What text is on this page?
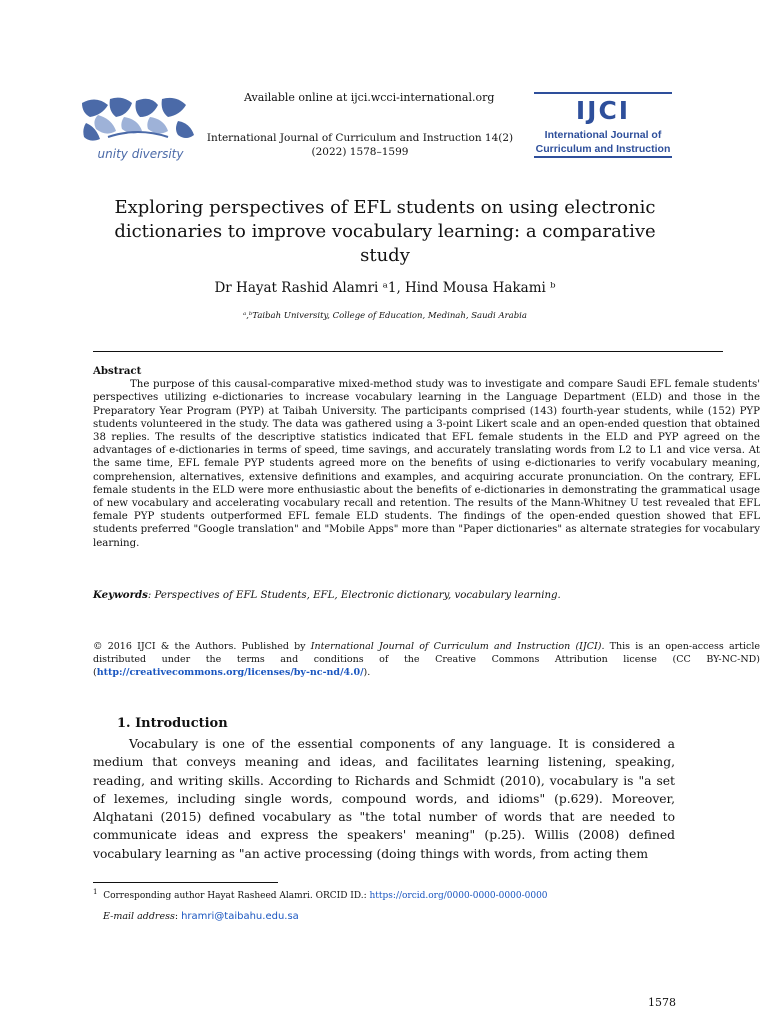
unity diversity
IJCI
International Journal of
Curriculum and Instruction
Available online at ijci.wcci-international.org
International Journal of Curriculum and Instruction 14(2) (2022) 1578–1599
Exploring perspectives of EFL students on using electronic dictionaries to improve vocabulary learning: a comparative study
Dr Hayat Rashid Alamri ᵃ1, Hind Mousa Hakami ᵇ
ᵃ,ᵇTaibah University, College of Education, Medinah, Saudi Arabia
Abstract
The purpose of this causal-comparative mixed-method study was to investigate and compare Saudi EFL female students' perspectives utilizing e-dictionaries to increase vocabulary learning in the Language Department (ELD) and those in the Preparatory Year Program (PYP) at Taibah University. The participants comprised (143) fourth-year students, while (152) PYP students volunteered in the study. The data was gathered using a 3-point Likert scale and an open-ended question that obtained 38 replies. The results of the descriptive statistics indicated that EFL female students in the ELD and PYP agreed on the advantages of e-dictionaries in terms of speed, time savings, and accurately translating words from L2 to L1 and vice versa. At the same time, EFL female PYP students agreed more on the benefits of using e-dictionaries to verify vocabulary meaning, comprehension, alternatives, extensive definitions and examples, and acquiring accurate pronunciation. On the contrary, EFL female students in the ELD were more enthusiastic about the benefits of e-dictionaries in demonstrating the grammatical usage of new vocabulary and accelerating vocabulary recall and retention. The results of the Mann-Whitney U test revealed that EFL female PYP students outperformed EFL female ELD students. The findings of the open-ended question showed that EFL students preferred "Google translation" and "Mobile Apps" more than "Paper dictionaries" as alternate strategies for vocabulary learning.
Keywords: Perspectives of EFL Students, EFL, Electronic dictionary, vocabulary learning.
© 2016 IJCI & the Authors. Published by International Journal of Curriculum and Instruction (IJCI). This is an open-access article distributed under the terms and conditions of the Creative Commons Attribution license (CC BY-NC-ND) (http://creativecommons.org/licenses/by-nc-nd/4.0/).
1. Introduction
Vocabulary is one of the essential components of any language. It is considered a medium that conveys meaning and ideas, and facilitates learning listening, speaking, reading, and writing skills. According to Richards and Schmidt (2010), vocabulary is "a set of lexemes, including single words, compound words, and idioms" (p.629). Moreover, Alqhatani (2015) defined vocabulary as "the total number of words that are needed to communicate ideas and express the speakers' meaning" (p.25). Willis (2008) defined vocabulary learning as "an active processing (doing things with words, from acting them
$^1$ Corresponding author Hayat Rasheed Alamri. ORCID ID.: https://orcid.org/0000-0000-0000-0000
E-mail address: hramri@taibahu.edu.sa
1578
